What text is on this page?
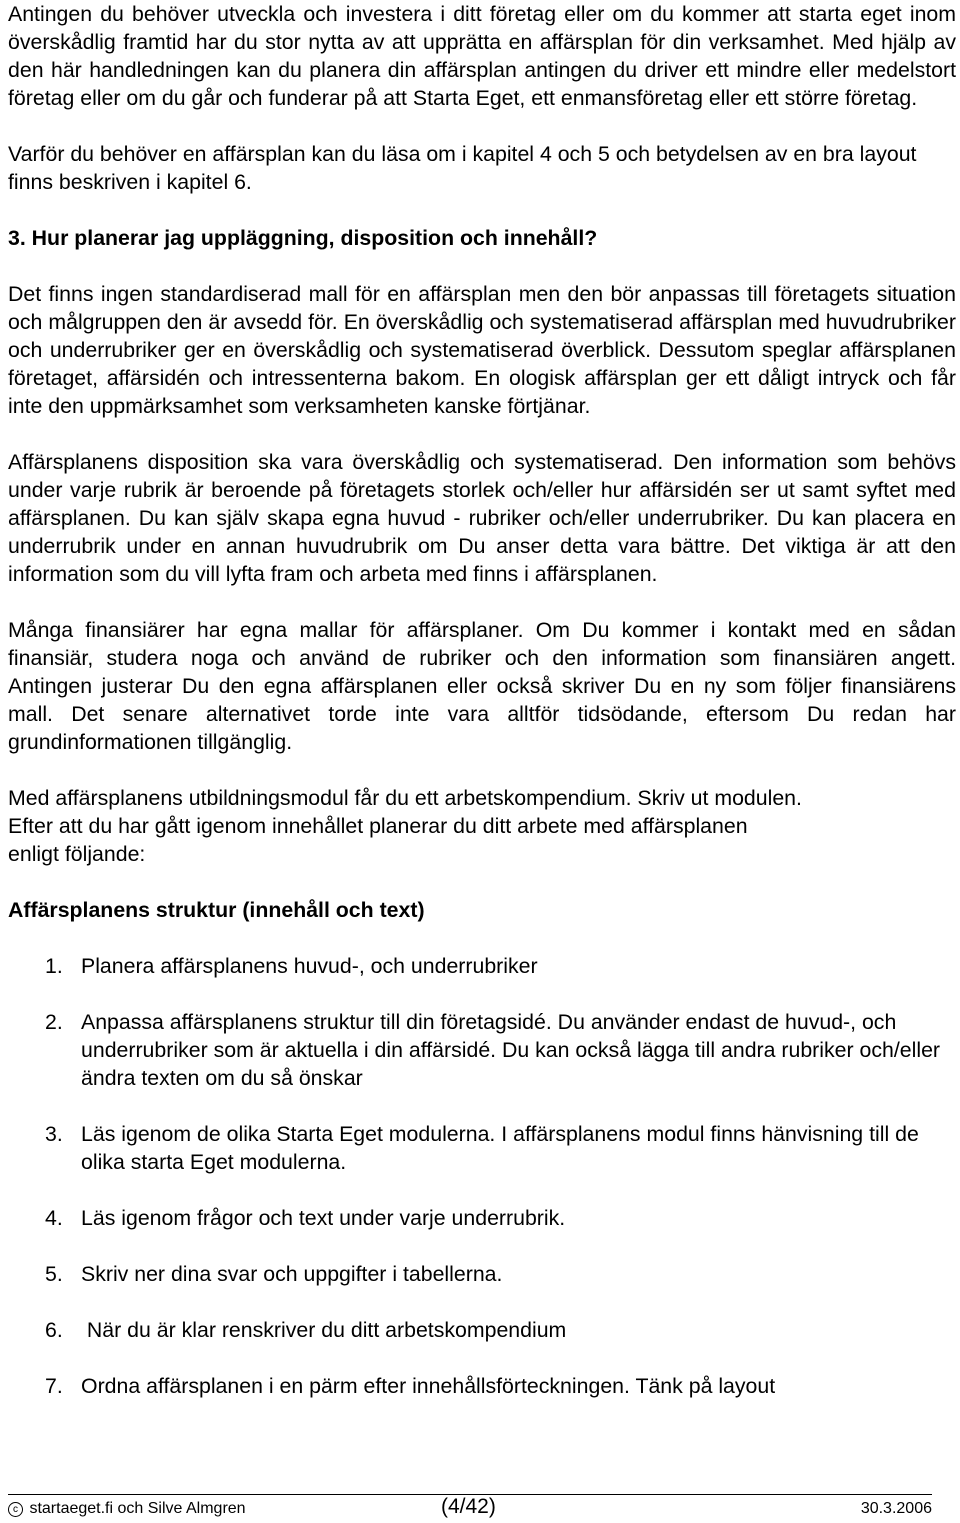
Antingen du behöver utveckla och investera i ditt företag eller om du kommer att starta eget inom överskådlig framtid har du stor nytta av att upprätta en affärsplan för din verksamhet. Med hjälp av den här handledningen kan du planera din affärsplan antingen du driver ett mindre eller medelstort företag eller om du går och funderar på att Starta Eget, ett enmansföretag eller ett större företag.

Varför du behöver en affärsplan kan du läsa om i kapitel 4 och 5 och betydelsen av en bra layout finns beskriven i kapitel 6.

3. Hur planerar jag uppläggning, disposition och innehåll?

Det finns ingen standardiserad mall för en affärsplan men den bör anpassas till företagets situation och målgruppen den är avsedd för. En överskådlig och systematiserad affärsplan med huvudrubriker och underrubriker ger en överskådlig och systematiserad överblick. Dessutom speglar affärsplanen företaget, affärsidén och intressenterna bakom. En ologisk affärsplan ger ett dåligt intryck och får inte den uppmärksamhet som verksamheten kanske förtjänar.

Affärsplanens disposition ska vara överskådlig och systematiserad. Den information som behövs under varje rubrik är beroende på företagets storlek och/eller hur affärsidén ser ut samt syftet med affärsplanen. Du kan själv skapa egna huvud - rubriker och/eller underrubriker. Du kan placera en underrubrik under en annan huvudrubrik om Du anser detta vara bättre. Det viktiga är att den information som du vill lyfta fram och arbeta med finns i affärsplanen.

Många finansiärer har egna mallar för affärsplaner. Om Du kommer i kontakt med en sådan finansiär, studera noga och använd de rubriker och den information som finansiären angett. Antingen justerar Du den egna affärsplanen eller också skriver Du en ny som följer finansiärens mall. Det senare alternativet torde inte vara alltför tidsödande, eftersom Du redan har grundinformationen tillgänglig.

Med affärsplanens utbildningsmodul får du ett arbetskompendium. Skriv ut modulen.

Efter att du har gått igenom innehållet planerar du ditt arbete med affärsplanen

enligt följande:

Affärsplanens struktur (innehåll och text)

1. Planera affärsplanens huvud-, och underrubriker
2. Anpassa affärsplanens struktur till din företagsidé. Du använder endast de huvud-, och underrubriker som är aktuella i din affärsidé. Du kan också lägga till andra rubriker och/eller ändra texten om du så önskar
3. Läs igenom de olika Starta Eget modulerna. I affärsplanens modul finns hänvisning till de olika starta Eget modulerna.
4. Läs igenom frågor och text under varje underrubrik.
5. Skriv ner dina svar och uppgifter i tabellerna.
6. När du är klar renskriver du ditt arbetskompendium
7. Ordna affärsplanen i en pärm efter innehållsförteckningen. Tänk på layout
c startaeget.fi och Silve Almgren	(4/42)	30.3.2006
